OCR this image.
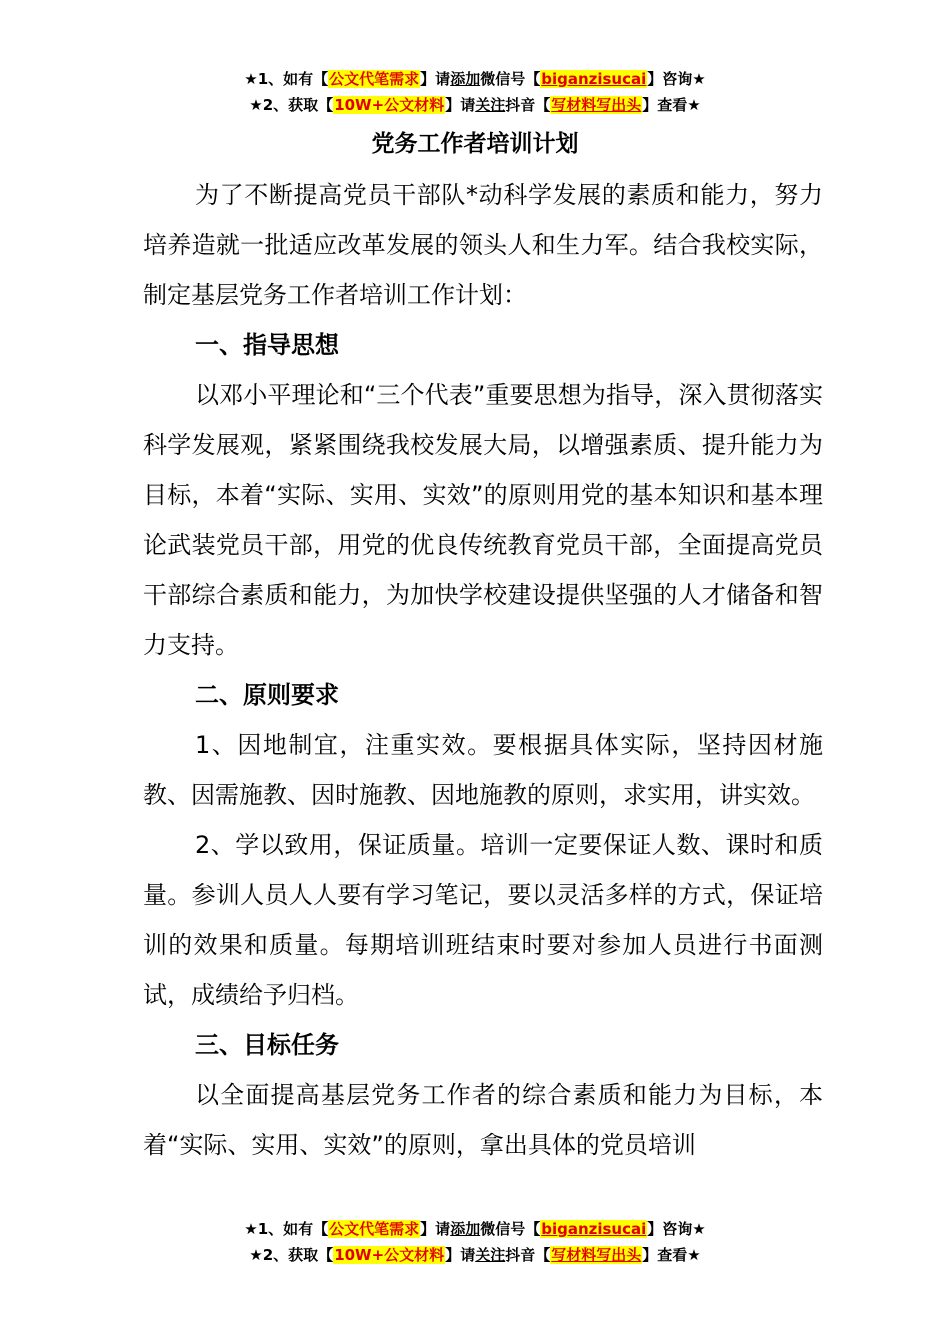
★1、如有【公文代笔需求】请添加微信号【biganzisucai】咨询★
★2、获取【10W+公文材料】请关注抖音【写材料写出头】查看★
党务工作者培训计划

为了不断提高党员干部队*动科学发展的素质和能力，努力培养造就一批适应改革发展的领头人和生力军。结合我校实际，制定基层党务工作者培训工作计划：

一、指导思想

以邓小平理论和“三个代表”重要思想为指导，深入贯彻落实科学发展观，紧紧围绕我校发展大局，以增强素质、提升能力为目标，本着“实际、实用、实效”的原则用党的基本知识和基本理论武装党员干部，用党的优良传统教育党员干部，全面提高党员干部综合素质和能力，为加快学校建设提供坚强的人才储备和智力支持。

二、原则要求

1、因地制宜，注重实效。要根据具体实际，坚持因材施教、因需施教、因时施教、因地施教的原则，求实用，讲实效。

2、学以致用，保证质量。培训一定要保证人数、课时和质量。参训人员人人要有学习笔记，要以灵活多样的方式，保证培训的效果和质量。每期培训班结束时要对参加人员进行书面测试，成绩给予归档。

三、目标任务

以全面提高基层党务工作者的综合素质和能力为目标，本着“实际、实用、实效”的原则，拿出具体的党员培训

★1、如有【公文代笔需求】请添加微信号【biganzisucai】咨询★
★2、获取【10W+公文材料】请关注抖音【写材料写出头】查看★
